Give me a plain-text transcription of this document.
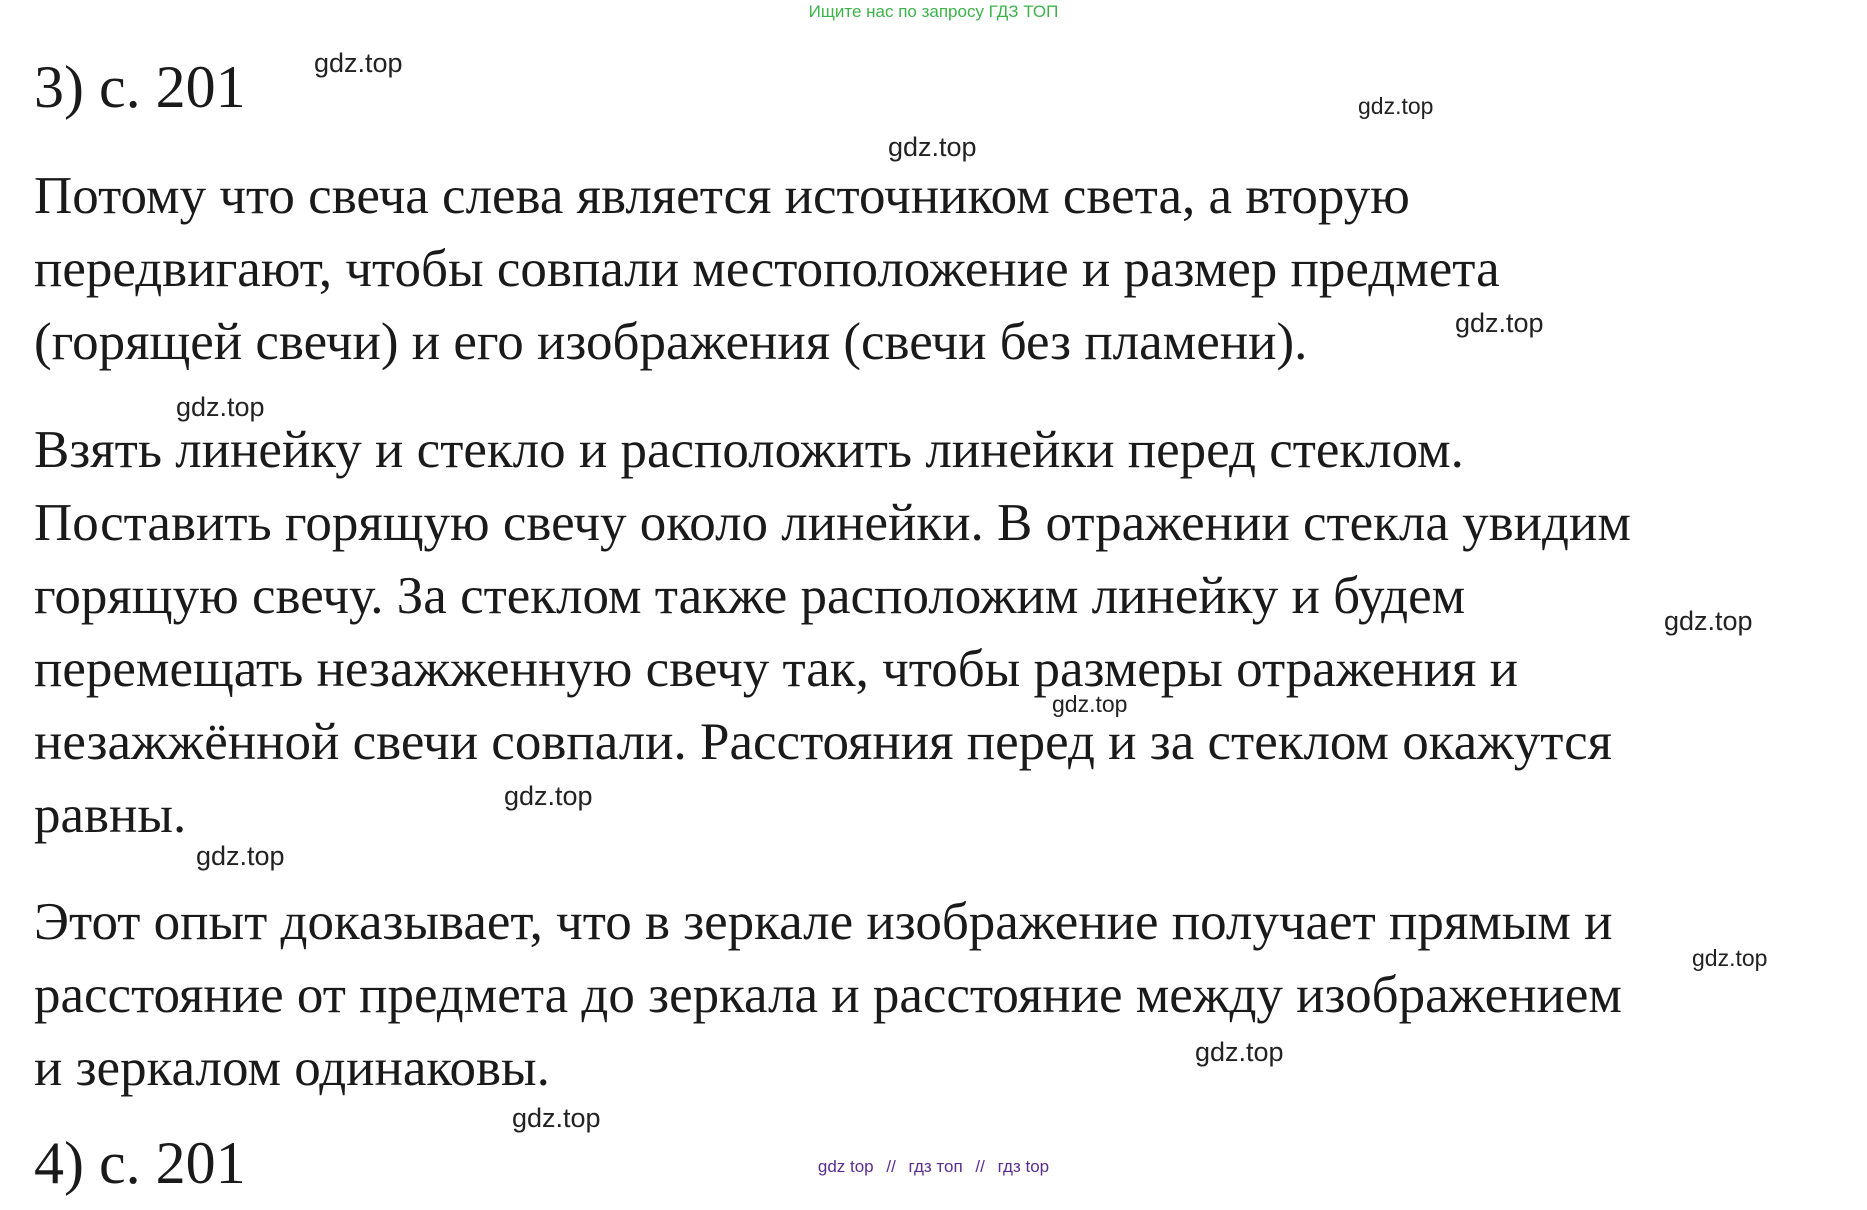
Ищите нас по запросу ГДЗ ТОП
3) с. 201

Потому что свеча слева является источником света, а вторую
передвигают, чтобы совпали местоположение и размер предмета
(горящей свечи) и его изображения (свечи без пламени).

Взять линейку и стекло и расположить линейки перед стеклом.
Поставить горящую свечу около линейки. В отражении стекла увидим
горящую свечу. За стеклом также расположим линейку и будем
перемещать незажженную свечу так, чтобы размеры отражения и
незажжённой свечи совпали. Расстояния перед и за стеклом окажутся
равны.

Этот опыт доказывает, что в зеркале изображение получает прямым и
расстояние от предмета до зеркала и расстояние между изображением
и зеркалом одинаковы.

gdz.top
gdz.top
gdz.top
gdz.top
gdz.top
gdz.top
gdz.top
gdz.top
gdz.top
gdz.top
gdz.top
gdz.top
4) с. 201	gdz top // гдз топ // гдз top
